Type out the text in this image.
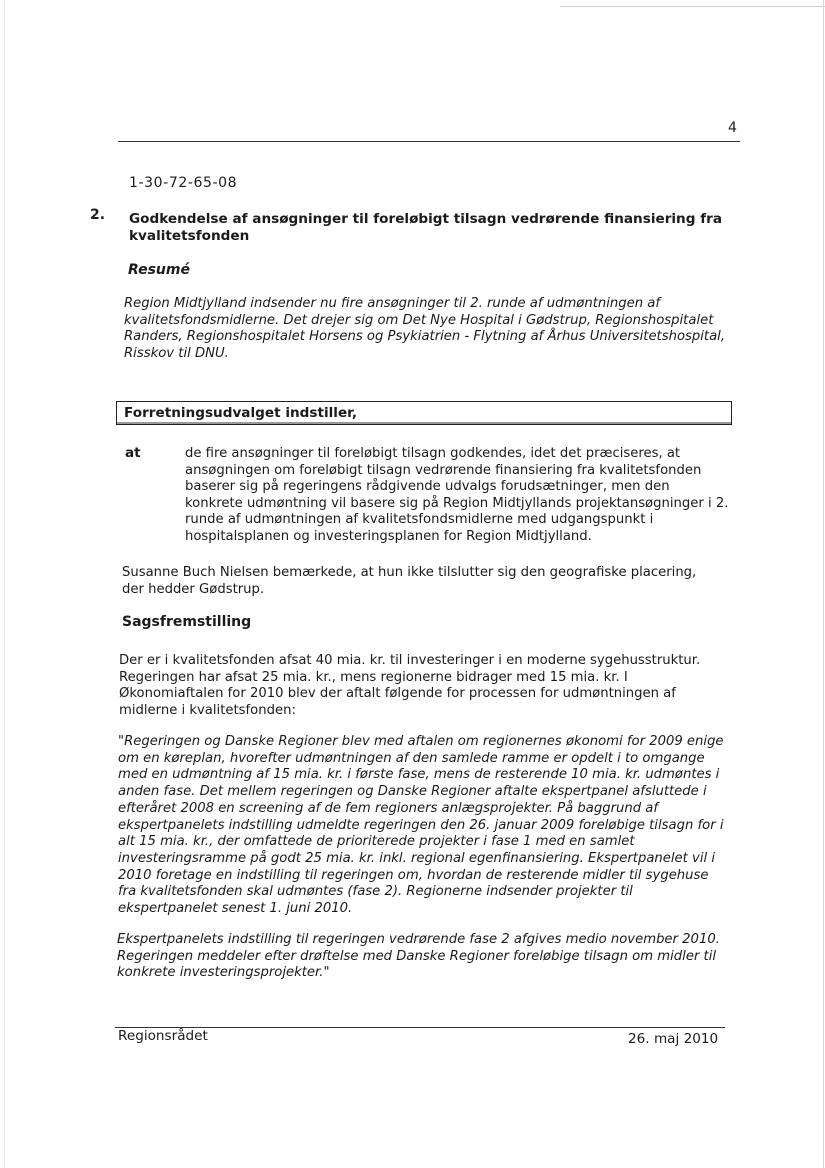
4
1-30-72-65-08
2. Godkendelse af ansøgninger til foreløbigt tilsagn vedrørende finansiering fra kvalitetsfonden
Resumé
Region Midtjylland indsender nu fire ansøgninger til 2. runde af udmøntningen af kvalitetsfondsmidlerne. Det drejer sig om Det Nye Hospital i Gødstrup, Regionshospitalet Randers, Regionshospitalet Horsens og Psykiatrien - Flytning af Århus Universitetshospital, Risskov til DNU.
Forretningsudvalget indstiller,
at	de fire ansøgninger til foreløbigt tilsagn godkendes, idet det præciseres, at ansøgningen om foreløbigt tilsagn vedrørende finansiering fra kvalitetsfonden baserer sig på regeringens rådgivende udvalgs forudsætninger, men den konkrete udmøntning vil basere sig på Region Midtjyllands projektansøgninger i 2. runde af udmøntningen af kvalitetsfondsmidlerne med udgangspunkt i hospitalsplanen og investeringsplanen for Region Midtjylland.
Susanne Buch Nielsen bemærkede, at hun ikke tilslutter sig den geografiske placering, der hedder Gødstrup.
Sagsfremstilling
Der er i kvalitetsfonden afsat 40 mia. kr. til investeringer i en moderne sygehusstruktur. Regeringen har afsat 25 mia. kr., mens regionerne bidrager med 15 mia. kr. I Økonomiaftalen for 2010 blev der aftalt følgende for processen for udmøntningen af midlerne i kvalitetsfonden:
"Regeringen og Danske Regioner blev med aftalen om regionernes økonomi for 2009 enige om en køreplan, hvorefter udmøntningen af den samlede ramme er opdelt i to omgange med en udmøntning af 15 mia. kr. i første fase, mens de resterende 10 mia. kr. udmøntes i anden fase. Det mellem regeringen og Danske Regioner aftalte ekspertpanel afsluttede i efteråret 2008 en screening af de fem regioners anlægsprojekter. På baggrund af ekspertpanelets indstilling udmeldte regeringen den 26. januar 2009 foreløbige tilsagn for i alt 15 mia. kr., der omfattede de prioriterede projekter i fase 1 med en samlet investeringsramme på godt 25 mia. kr. inkl. regional egenfinansiering. Ekspertpanelet vil i 2010 foretage en indstilling til regeringen om, hvordan de resterende midler til sygehuse fra kvalitetsfonden skal udmøntes (fase 2). Regionerne indsender projekter til ekspertpanelet senest 1. juni 2010.
Ekspertpanelets indstilling til regeringen vedrørende fase 2 afgives medio november 2010. Regeringen meddeler efter drøftelse med Danske Regioner foreløbige tilsagn om midler til konkrete investeringsprojekter."
Regionsrådet	26. maj 2010
